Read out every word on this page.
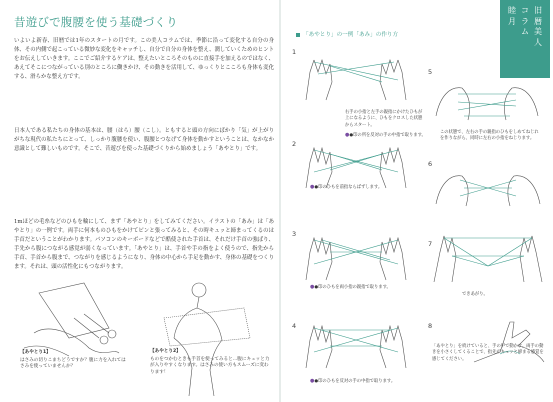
昔遊びで腹腰を使う基礎づくり
いよいよ新春、旧暦では1年のスタートの月です。この美人コラムでは、季節に沿って変化する自分の身体、その内側で起こっている微妙な変化をキャッチし、自分で自分の身体を整え、潤していくためのヒントをお伝えしていきます。ここでご紹介するケアは、整えたいところそのものに直接手を加えるのではなく、あえてそこにつながっている別のところに働きかけ、その動きを活用して、ゆっくりとこころも身体も変化する、滑らかな整え方です。
日本人である私たちの身体の基本は、腰（はら）腰（こし）。ともすると頭の方向にばかり「気」が上がりがちな現代の私たちにとって、しっかり腹腰を使い、腹腰とつなげて身体を動かすということは、なかなか意識として難しいものです。そこで、昔遊びを使った基礎づくりから始めましょう「あやとり」です。
1mほどの毛糸などのひもを輪にして、まず「あやとり」をしてみてください。イラストの「あみ」は「あやとり」の一例です。両手に何本ものひもをかけてピンと張ってみると、その時キュッと締まってくるのは手首だということがわかります。パソコンのキーボードなどで酷使された手首は、それだけ手首の強ばり、手先から腹につながる感覚が弱くなっています。「あやとり」は、手首や手の指をよく使うので、指先から手首、手首から腹まで、つながりを感じるようになり、身体の中心から手足を動かす、身体の基礎をつくります。それは、頭の活性化にもつながります。
【あやとり1】
はさみの切りこまちどうですか？腹に力を入れてはさみを使っていませんか？
【あやとり2】
ものをつかむときも手首を使ってみると…腹にキュッと力が入りやすくなります。はさみの使い方もスムーズに変わります！
旧暦美人
コラム
睦月
「あやとり」の一例「あみ」の作り方
1
右手の小指と左手の親指にかけたひもが上になるように、ひもをクロスした状態からスタート。
●●印の所を反対の手の中指で取ります。
2
●●印のひもを前指ならばずします。
3
●●印のひもを両小指の親指で取ります。
4
●●印のひもを反対の手の中指で取ります。
5
この状態で、左右の手の親指のひもをしめてねじれを作りながら、同時に左右の小指をねじります。
6
7
できあがり。
8
「あやとり」を続けていると、手の甲で動かす。両手の動きを小さくしてくることで、指先がキュッと締まる感覚を感じてください。
